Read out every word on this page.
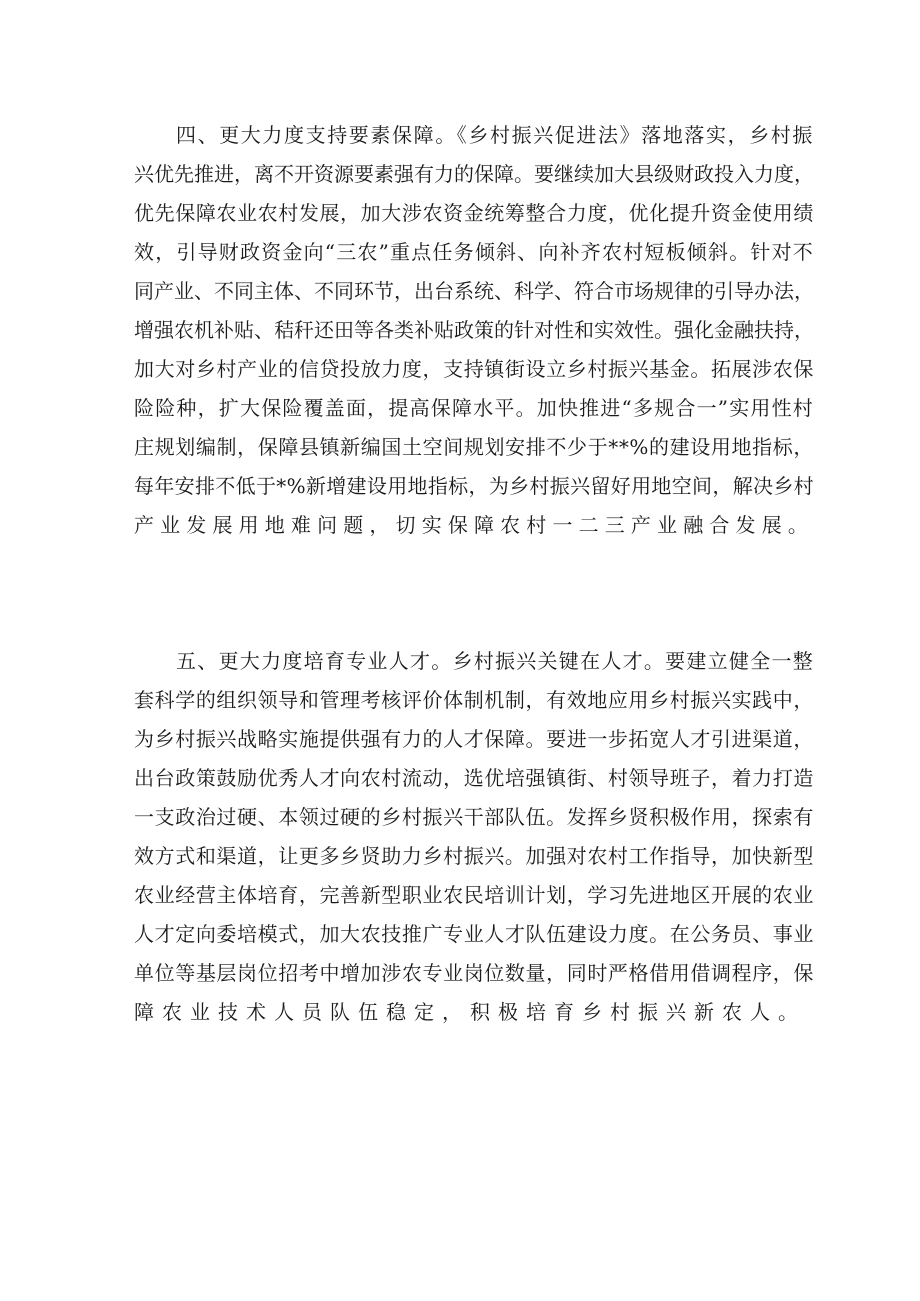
四、更大力度支持要素保障。《乡村振兴促进法》落地落实，乡村振
兴优先推进，离不开资源要素强有力的保障。要继续加大县级财政投入力度，
优先保障农业农村发展，加大涉农资金统筹整合力度，优化提升资金使用绩
效，引导财政资金向“三农”重点任务倾斜、向补齐农村短板倾斜。针对不
同产业、不同主体、不同环节，出台系统、科学、符合市场规律的引导办法，
增强农机补贴、秸秆还田等各类补贴政策的针对性和实效性。强化金融扶持，
加大对乡村产业的信贷投放力度，支持镇街设立乡村振兴基金。拓展涉农保
险险种，扩大保险覆盖面，提高保障水平。加快推进“多规合一”实用性村
庄规划编制，保障县镇新编国土空间规划安排不少于**%的建设用地指标，
每年安排不低于*%新增建设用地指标，为乡村振兴留好用地空间，解决乡村
产业发展用地难问题，切实保障农村一二三产业融合发展。
五、更大力度培育专业人才。乡村振兴关键在人才。要建立健全一整
套科学的组织领导和管理考核评价体制机制，有效地应用乡村振兴实践中，
为乡村振兴战略实施提供强有力的人才保障。要进一步拓宽人才引进渠道，
出台政策鼓励优秀人才向农村流动，选优培强镇街、村领导班子，着力打造
一支政治过硬、本领过硬的乡村振兴干部队伍。发挥乡贤积极作用，探索有
效方式和渠道，让更多乡贤助力乡村振兴。加强对农村工作指导，加快新型
农业经营主体培育，完善新型职业农民培训计划，学习先进地区开展的农业
人才定向委培模式，加大农技推广专业人才队伍建设力度。在公务员、事业
单位等基层岗位招考中增加涉农专业岗位数量，同时严格借用借调程序，保
障农业技术人员队伍稳定，积极培育乡村振兴新农人。
